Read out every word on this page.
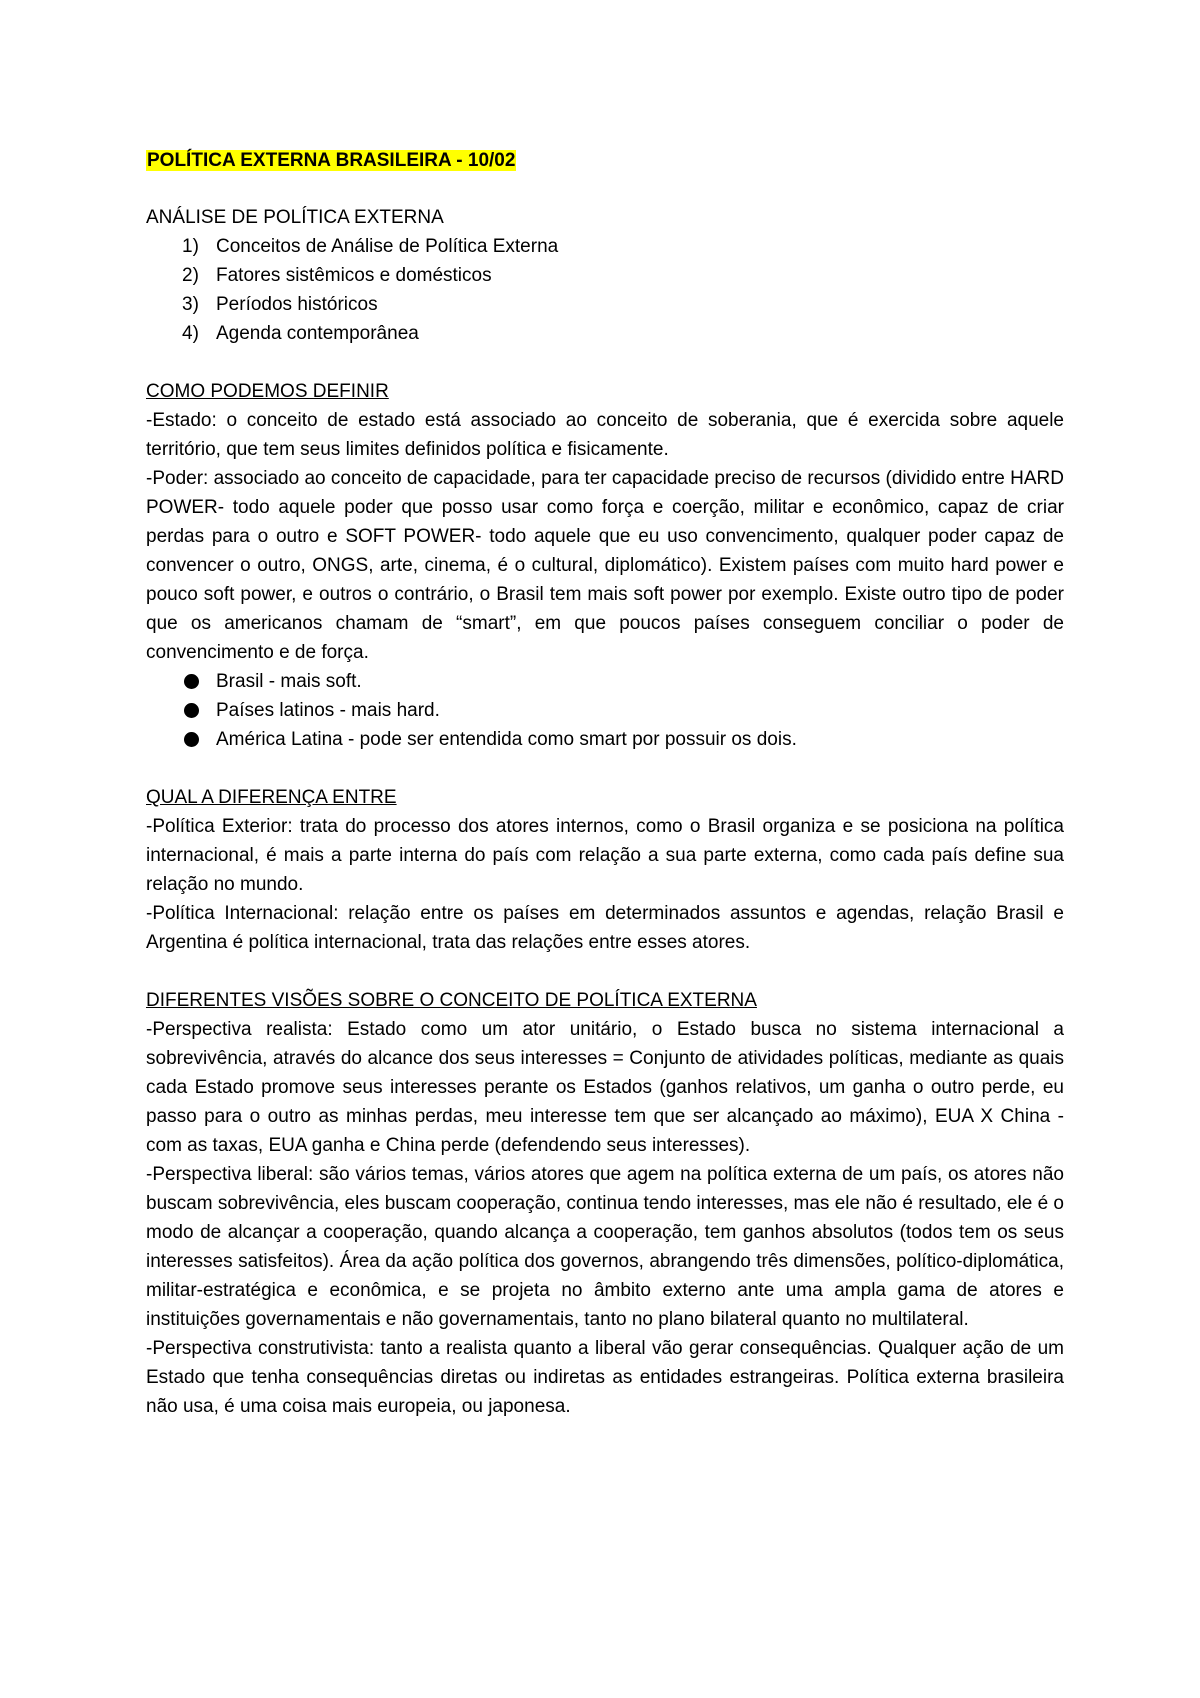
POLÍTICA EXTERNA BRASILEIRA - 10/02

ANÁLISE DE POLÍTICA EXTERNA

1) Conceitos de Análise de Política Externa
2) Fatores sistêmicos e domésticos
3) Períodos históricos
4) Agenda contemporânea

COMO PODEMOS DEFINIR

-Estado: o conceito de estado está associado ao conceito de soberania, que é exercida sobre aquele território, que tem seus limites definidos política e fisicamente.

-Poder: associado ao conceito de capacidade, para ter capacidade preciso de recursos (dividido entre HARD POWER- todo aquele poder que posso usar como força e coerção, militar e econômico, capaz de criar perdas para o outro e SOFT POWER- todo aquele que eu uso convencimento, qualquer poder capaz de convencer o outro, ONGS, arte, cinema, é o cultural, diplomático). Existem países com muito hard power e pouco soft power, e outros o contrário, o Brasil tem mais soft power por exemplo. Existe outro tipo de poder que os americanos chamam de “smart”, em que poucos países conseguem conciliar o poder de convencimento e de força.

Brasil - mais soft.
Países latinos - mais hard.
América Latina - pode ser entendida como smart por possuir os dois.

QUAL A DIFERENÇA ENTRE

-Política Exterior: trata do processo dos atores internos, como o Brasil organiza e se posiciona na política internacional, é mais a parte interna do país com relação a sua parte externa, como cada país define sua relação no mundo.

-Política Internacional: relação entre os países em determinados assuntos e agendas, relação Brasil e Argentina é política internacional, trata das relações entre esses atores.

DIFERENTES VISÕES SOBRE O CONCEITO DE POLÍTICA EXTERNA

-Perspectiva realista: Estado como um ator unitário, o Estado busca no sistema internacional a sobrevivência, através do alcance dos seus interesses = Conjunto de atividades políticas, mediante as quais cada Estado promove seus interesses perante os Estados (ganhos relativos, um ganha o outro perde, eu passo para o outro as minhas perdas, meu interesse tem que ser alcançado ao máximo), EUA X China - com as taxas, EUA ganha e China perde (defendendo seus interesses).

-Perspectiva liberal: são vários temas, vários atores que agem na política externa de um país, os atores não buscam sobrevivência, eles buscam cooperação, continua tendo interesses, mas ele não é resultado, ele é o modo de alcançar a cooperação, quando alcança a cooperação, tem ganhos absolutos (todos tem os seus interesses satisfeitos). Área da ação política dos governos, abrangendo três dimensões, político-diplomática, militar-estratégica e econômica, e se projeta no âmbito externo ante uma ampla gama de atores e instituições governamentais e não governamentais, tanto no plano bilateral quanto no multilateral.

-Perspectiva construtivista: tanto a realista quanto a liberal vão gerar consequências. Qualquer ação de um Estado que tenha consequências diretas ou indiretas as entidades estrangeiras. Política externa brasileira não usa, é uma coisa mais europeia, ou japonesa.
